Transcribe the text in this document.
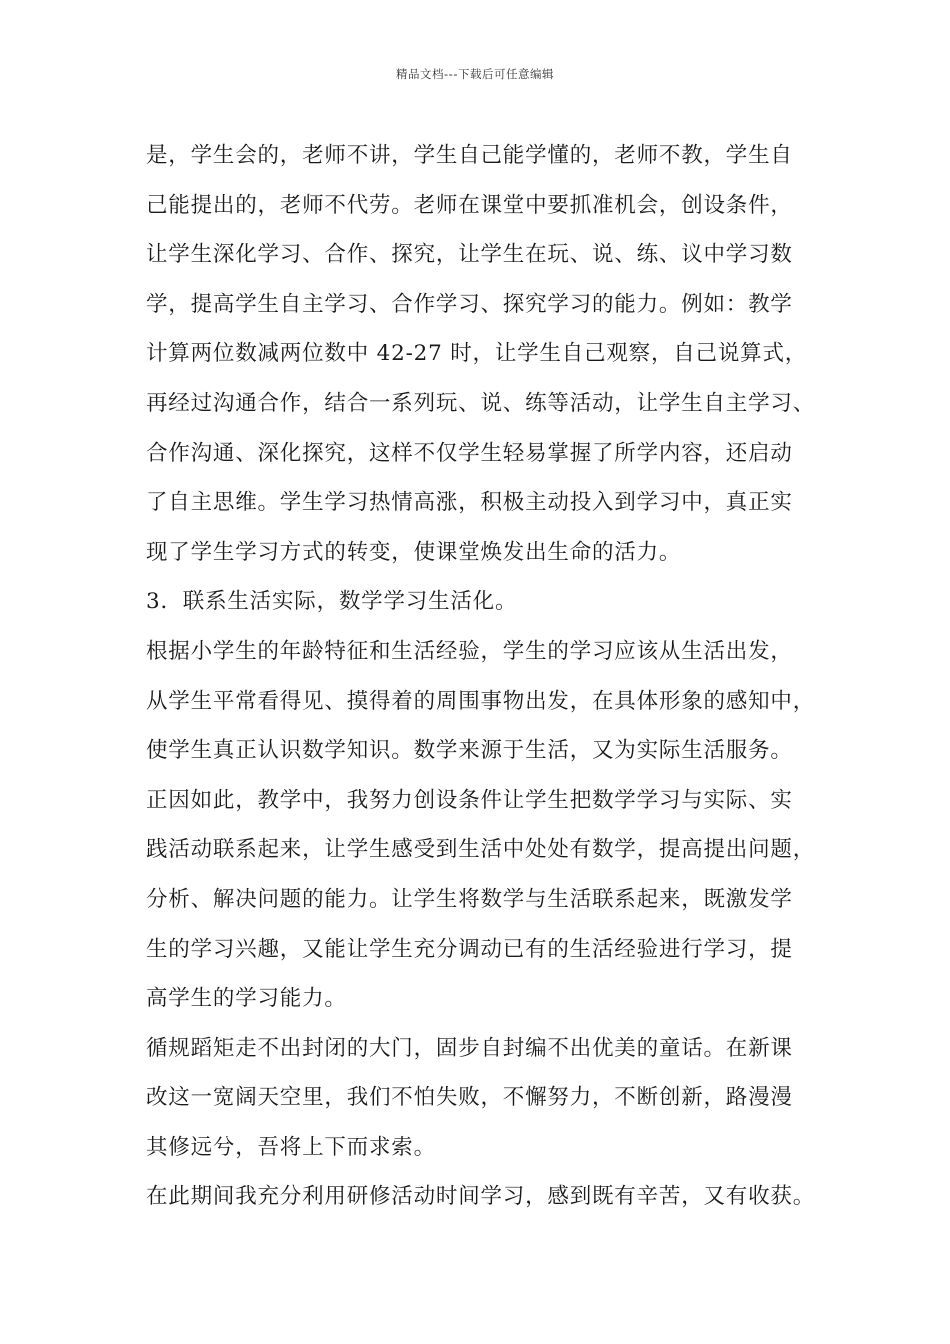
精品文档---下载后可任意编辑
是，学生会的，老师不讲，学生自己能学懂的，老师不教，学生自
己能提出的，老师不代劳。老师在课堂中要抓准机会，创设条件，
让学生深化学习、合作、探究，让学生在玩、说、练、议中学习数
学，提高学生自主学习、合作学习、探究学习的能力。例如：教学
计算两位数减两位数中 42-27 时，让学生自己观察，自己说算式，
再经过沟通合作，结合一系列玩、说、练等活动，让学生自主学习、
合作沟通、深化探究，这样不仅学生轻易掌握了所学内容，还启动
了自主思维。学生学习热情高涨，积极主动投入到学习中，真正实
现了学生学习方式的转变，使课堂焕发出生命的活力。
3．联系生活实际，数学学习生活化。
根据小学生的年龄特征和生活经验，学生的学习应该从生活出发，
从学生平常看得见、摸得着的周围事物出发，在具体形象的感知中，
使学生真正认识数学知识。数学来源于生活，又为实际生活服务。
正因如此，教学中，我努力创设条件让学生把数学学习与实际、实
践活动联系起来，让学生感受到生活中处处有数学，提高提出问题，
分析、解决问题的能力。让学生将数学与生活联系起来，既激发学
生的学习兴趣，又能让学生充分调动已有的生活经验进行学习，提
高学生的学习能力。
循规蹈矩走不出封闭的大门，固步自封编不出优美的童话。在新课
改这一宽阔天空里，我们不怕失败，不懈努力，不断创新，路漫漫
其修远兮，吾将上下而求索。
在此期间我充分利用研修活动时间学习，感到既有辛苦，又有收获。
